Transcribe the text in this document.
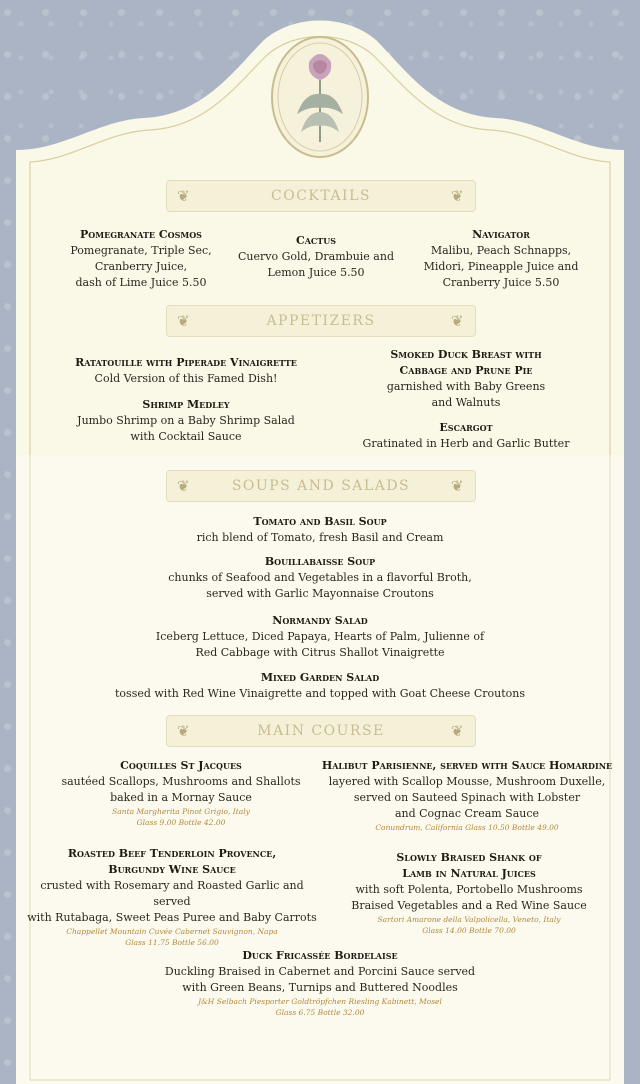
❦	COCKTAILS	❦
Pomegranate Cosmos
Pomegranate, Triple Sec,
Cranberry Juice,
dash of Lime Juice 5.50
Cactus
Cuervo Gold, Drambuie and
Lemon Juice 5.50
Navigator
Malibu, Peach Schnapps,
Midori, Pineapple Juice and
Cranberry Juice 5.50
❦	APPETIZERS	❦
Ratatouille with Piperade Vinaigrette
Cold Version of this Famed Dish!
Shrimp Medley
Jumbo Shrimp on a Baby Shrimp Salad
with Cocktail Sauce
Smoked Duck Breast with
Cabbage and Prune Pie
garnished with Baby Greens
and Walnuts
Escargot
Gratinated in Herb and Garlic Butter
❦	SOUPS AND SALADS	❦
Tomato and Basil Soup
rich blend of Tomato, fresh Basil and Cream
Bouillabaisse Soup
chunks of Seafood and Vegetables in a flavorful Broth,
served with Garlic Mayonnaise Croutons
Normandy Salad
Iceberg Lettuce, Diced Papaya, Hearts of Palm, Julienne of
Red Cabbage with Citrus Shallot Vinaigrette
Mixed Garden Salad
tossed with Red Wine Vinaigrette and topped with Goat Cheese Croutons
❦	MAIN COURSE	❦
Coquilles St Jacques
sautéed Scallops, Mushrooms and Shallots
baked in a Mornay Sauce
Santa Margherita Pinot Grigio, Italy
Glass 9.00 Bottle 42.00
Halibut Parisienne, served with Sauce Homardine
layered with Scallop Mousse, Mushroom Duxelle,
served on Sauteed Spinach with Lobster
and Cognac Cream Sauce
Conundrum, California Glass 10.50 Bottle 49.00
Roasted Beef Tenderloin Provence,
Burgundy Wine Sauce
crusted with Rosemary and Roasted Garlic and served
with Rutabaga, Sweet Peas Puree and Baby Carrots
Chappellet Mountain Cuvée Cabernet Sauvignon, Napa
Glass 11.75 Bottle 56.00
Slowly Braised Shank of
Lamb in Natural Juices
with soft Polenta, Portobello Mushrooms
Braised Vegetables and a Red Wine Sauce
Sartori Amarone della Valpolicella, Veneto, Italy
Glass 14.00 Bottle 70.00
Duck Fricassée Bordelaise
Duckling Braised in Cabernet and Porcini Sauce served
with Green Beans, Turnips and Buttered Noodles
J&H Selbach Piesporter Goldtröpfchen Riesling Kabinett, Mosel
Glass 6.75 Bottle 32.00
